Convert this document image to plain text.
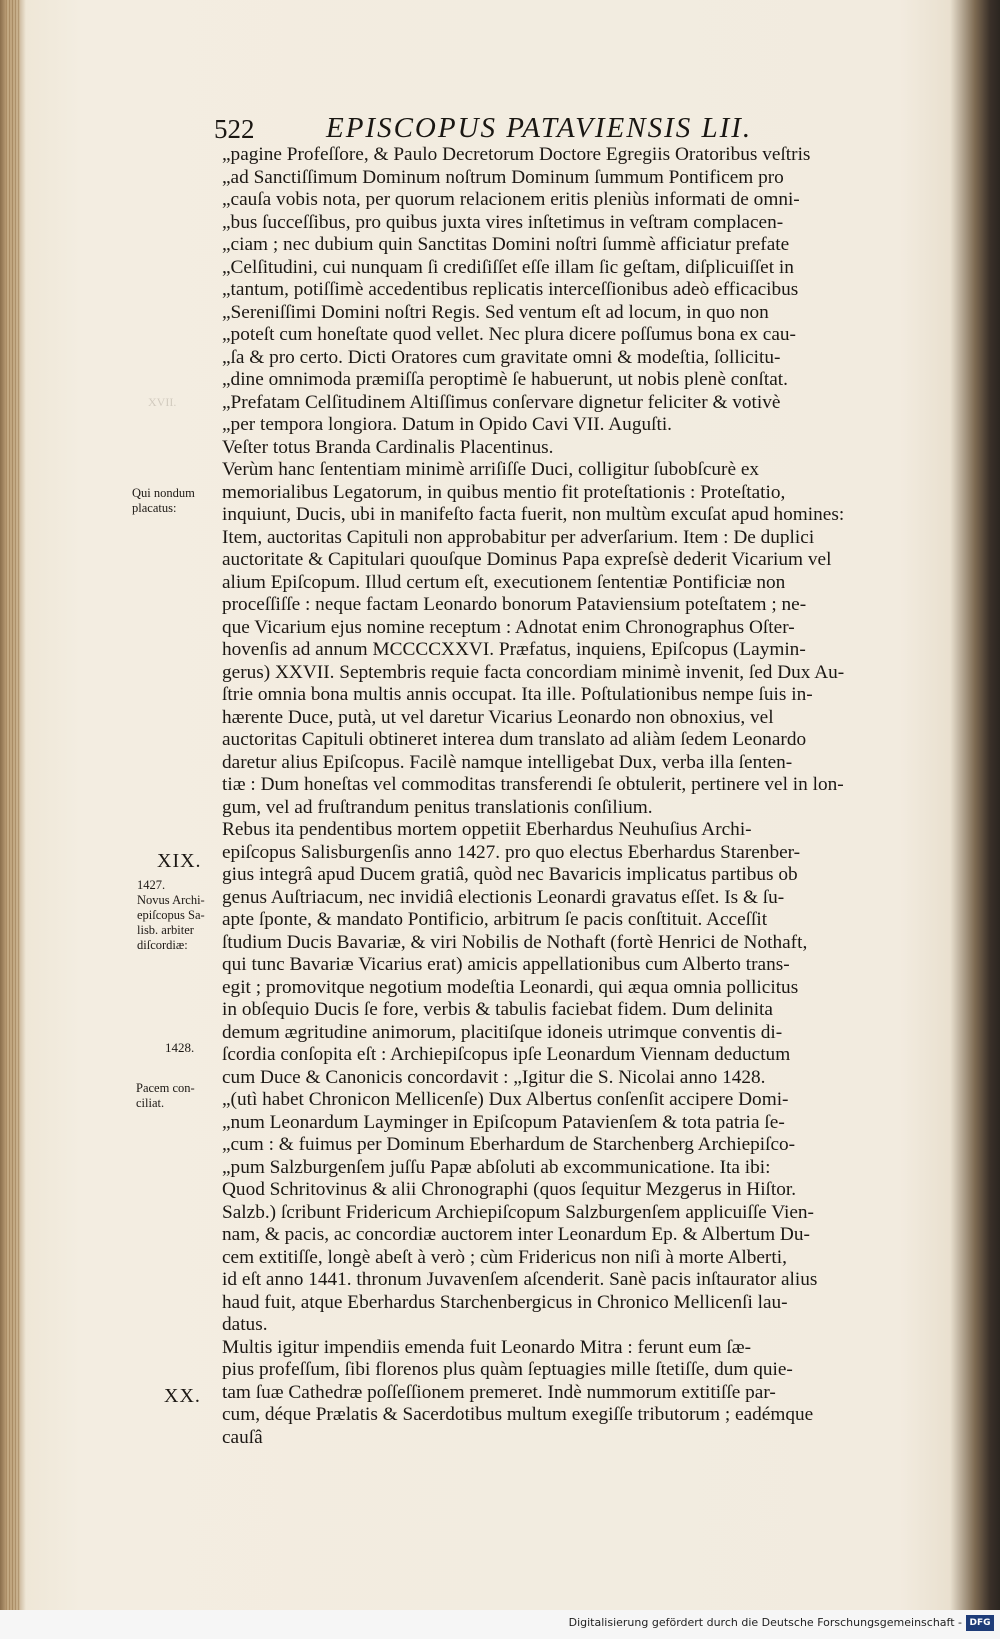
522 EPISCOPUS PATAVIENSIS LII.
XVII.
Qui nondum
placatus:
XIX.
1427.
Novus Archi-
epiſcopus Sa-
lisb. arbiter
diſcordiæ:
1428.
Pacem con-
ciliat.
XX.
„pagine Profeſſore, & Paulo Decretorum Doctore Egregiis Oratoribus veſtris
„ad Sanctiſſimum Dominum noſtrum Dominum ſummum Pontificem pro
„cauſa vobis nota, per quorum relacionem eritis pleniùs informati de omni-
„bus ſucceſſibus, pro quibus juxta vires inſtetimus in veſtram complacen-
„ciam ; nec dubium quin Sanctitas Domini noſtri ſummè afficiatur prefate
„Celſitudini, cui nunquam ſi crediſiſſet eſſe illam ſic geſtam, diſplicuiſſet in
„tantum, potiſſimè accedentibus replicatis interceſſionibus adeò efficacibus
„Sereniſſimi Domini noſtri Regis. Sed ventum eſt ad locum, in quo non
„poteſt cum honeſtate quod vellet. Nec plura dicere poſſumus bona ex cau-
„ſa & pro certo. Dicti Oratores cum gravitate omni & modeſtia, ſollicitu-
„dine omnimoda præmiſſa peroptimè ſe habuerunt, ut nobis plenè conſtat.
„Prefatam Celſitudinem Altiſſimus conſervare dignetur feliciter & votivè
„per tempora longiora. Datum in Opido Cavi VII. Auguſti.
Veſter totus Branda Cardinalis Placentinus.
Verùm hanc ſententiam minimè arriſiſſe Duci, colligitur ſubobſcurè ex
memorialibus Legatorum, in quibus mentio fit proteſtationis : Proteſtatio,
inquiunt, Ducis, ubi in manifeſto facta fuerit, non multùm excuſat apud homines:
Item, auctoritas Capituli non approbabitur per adverſarium. Item : De duplici
auctoritate & Capitulari quouſque Dominus Papa expreſsè dederit Vicarium vel
alium Epiſcopum. Illud certum eſt, executionem ſententiæ Pontificiæ non
proceſſiſſe : neque factam Leonardo bonorum Pataviensium poteſtatem ; ne-
que Vicarium ejus nomine receptum : Adnotat enim Chronographus Oſter-
hovenſis ad annum MCCCCXXVI. Præfatus, inquiens, Epiſcopus (Laymin-
gerus) XXVII. Septembris requie facta concordiam minimè invenit, ſed Dux Au-
ſtrie omnia bona multis annis occupat. Ita ille. Poſtulationibus nempe ſuis in-
hærente Duce, putà, ut vel daretur Vicarius Leonardo non obnoxius, vel
auctoritas Capituli obtineret interea dum translato ad aliàm ſedem Leonardo
daretur alius Epiſcopus. Facilè namque intelligebat Dux, verba illa ſenten-
tiæ : Dum honeſtas vel commoditas transferendi ſe obtulerit, pertinere vel in lon-
gum, vel ad fruſtrandum penitus translationis conſilium.
Rebus ita pendentibus mortem oppetiit Eberhardus Neuhuſius Archi-
epiſcopus Salisburgenſis anno 1427. pro quo electus Eberhardus Starenber-
gius integrâ apud Ducem gratiâ, quòd nec Bavaricis implicatus partibus ob
genus Auſtriacum, nec invidiâ electionis Leonardi gravatus eſſet. Is & ſu-
apte ſponte, & mandato Pontificio, arbitrum ſe pacis conſtituit. Acceſſit
ſtudium Ducis Bavariæ, & viri Nobilis de Nothaft (fortè Henrici de Nothaft,
qui tunc Bavariæ Vicarius erat) amicis appellationibus cum Alberto trans-
egit ; promovitque negotium modeſtia Leonardi, qui æqua omnia pollicitus
in obſequio Ducis ſe fore, verbis & tabulis faciebat fidem. Dum delinita
demum ægritudine animorum, placitiſque idoneis utrimque conventis di-
ſcordia conſopita eſt : Archiepiſcopus ipſe Leonardum Viennam deductum
cum Duce & Canonicis concordavit : „Igitur die S. Nicolai anno 1428.
„(utì habet Chronicon Mellicenſe) Dux Albertus conſenſit accipere Domi-
„num Leonardum Layminger in Epiſcopum Patavienſem & tota patria ſe-
„cum : & fuimus per Dominum Eberhardum de Starchenberg Archiepiſco-
„pum Salzburgenſem juſſu Papæ abſoluti ab excommunicatione. Ita ibi:
Quod Schritovinus & alii Chronographi (quos ſequitur Mezgerus in Hiſtor.
Salzb.) ſcribunt Fridericum Archiepiſcopum Salzburgenſem applicuiſſe Vien-
nam, & pacis, ac concordiæ auctorem inter Leonardum Ep. & Albertum Du-
cem extitiſſe, longè abeſt à verò ; cùm Fridericus non niſi à morte Alberti,
id eſt anno 1441. thronum Juvavenſem aſcenderit. Sanè pacis inſtaurator alius
haud fuit, atque Eberhardus Starchenbergicus in Chronico Mellicenſi lau-
datus.
Multis igitur impendiis emenda fuit Leonardo Mitra : ferunt eum ſæ-
pius profeſſum, ſibi florenos plus quàm ſeptuagies mille ſtetiſſe, dum quie-
tam ſuæ Cathedræ poſſeſſionem premeret. Indè nummorum extitiſſe par-
cum, déque Prælatis & Sacerdotibus multum exegiſſe tributorum ; eadémque
cauſâ
Digitalisierung gefördert durch die Deutsche Forschungsgemeinschaft - DFG
